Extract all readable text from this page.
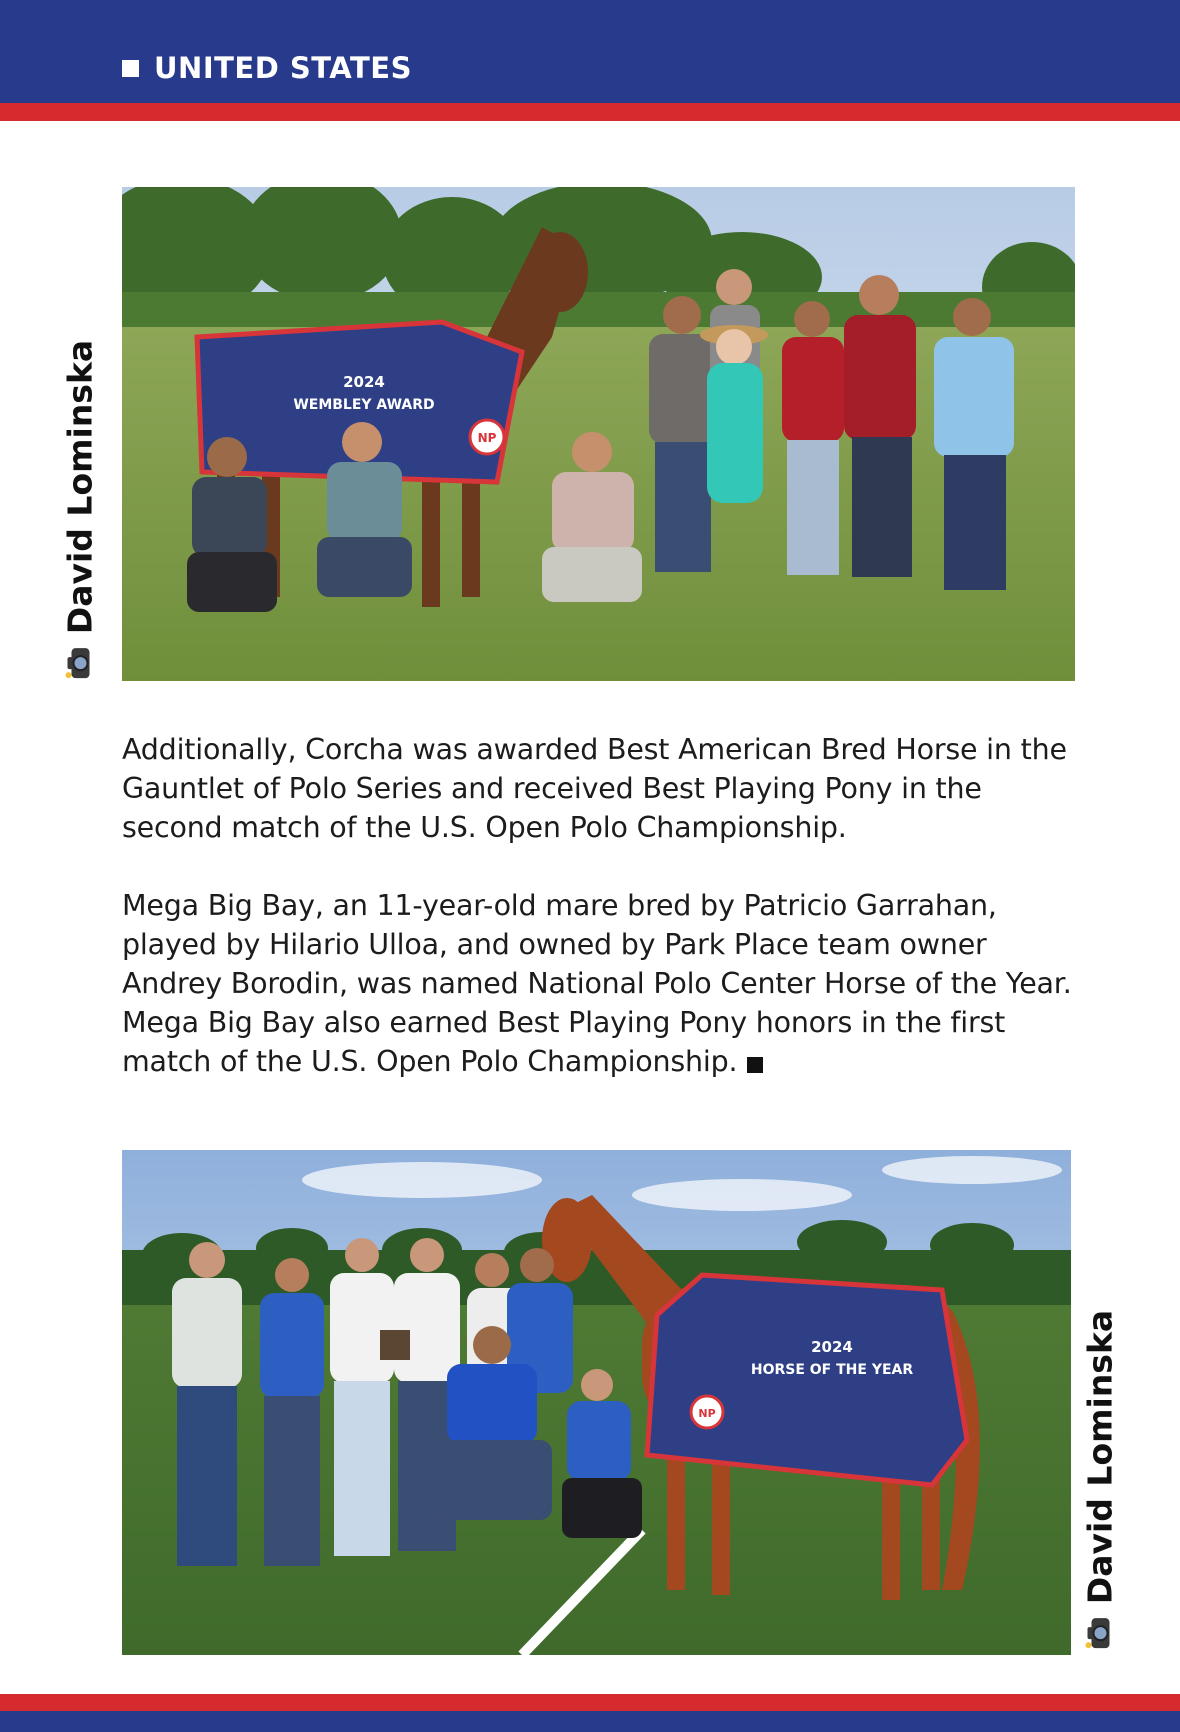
UNITED STATES
2024
WEMBLEY AWARD
NP
David Lominska

Additionally, Corcha was awarded Best American Bred Horse in the Gauntlet of Polo Series and received Best Playing Pony in the second match of the U.S. Open Polo Championship.

Mega Big Bay, an 11-year-old mare bred by Patricio Garrahan, played by Hilario Ulloa, and owned by Park Place team owner Andrey Borodin, was named National Polo Center Horse of the Year. Mega Big Bay also earned Best Playing Pony honors in the first match of the U.S. Open Polo Championship.

2024
HORSE OF THE YEAR
NP	David Lominska
